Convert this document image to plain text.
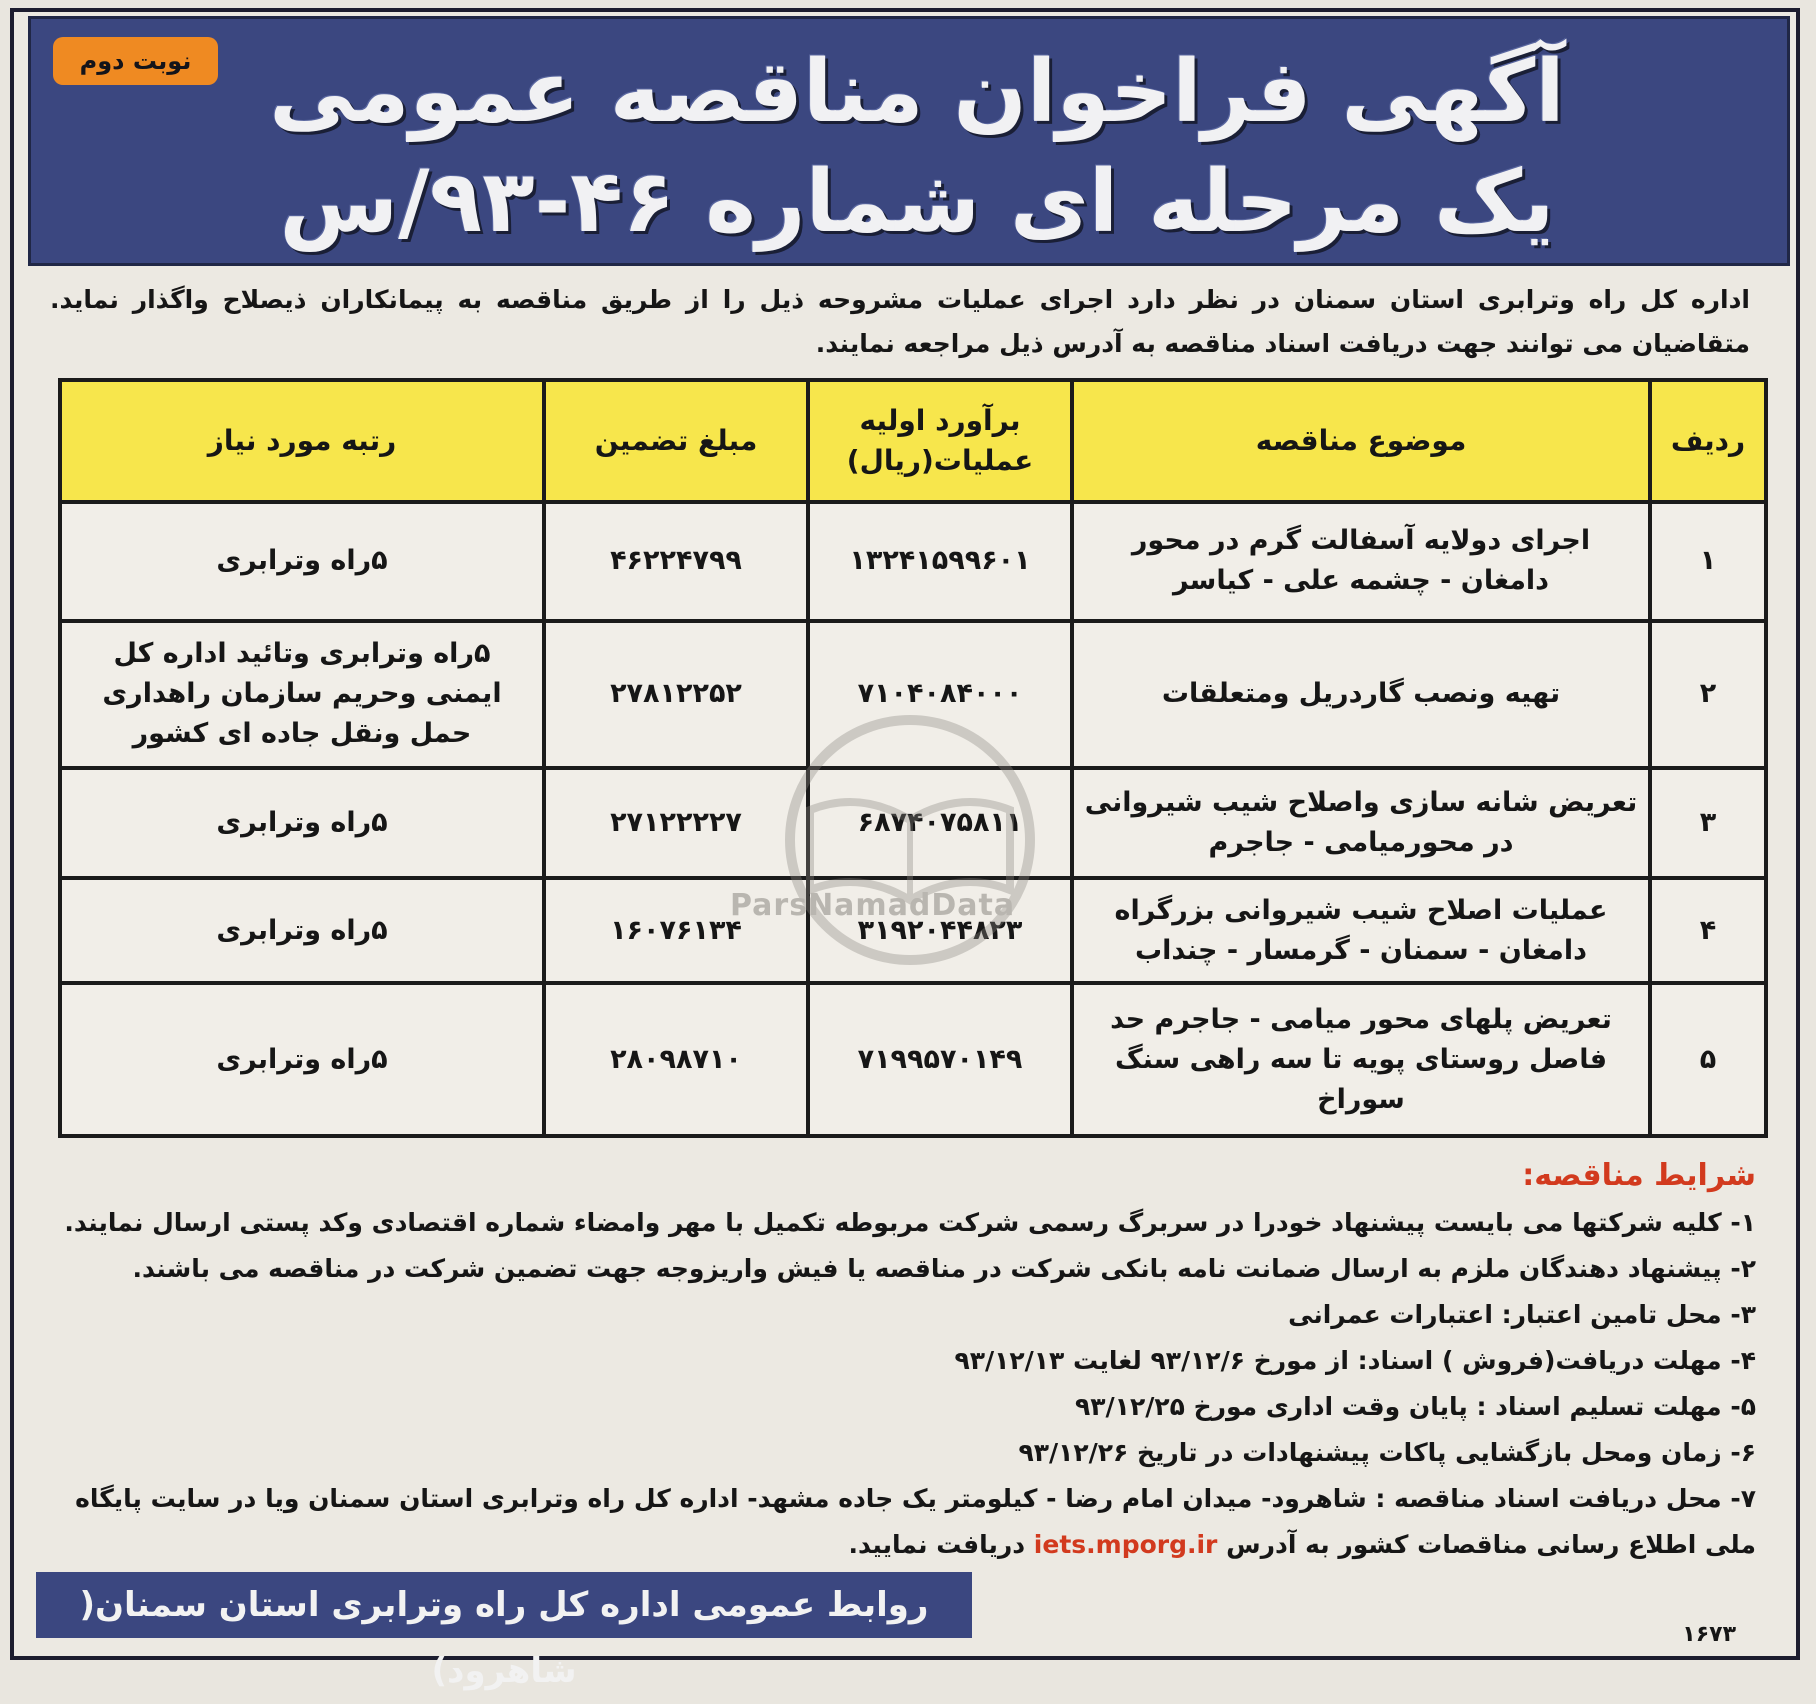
نوبت دوم آگهی فراخوان مناقصه عمومی
یک مرحله ای شماره ۴۶-۹۳/س
اداره کل راه وترابری استان سمنان در نظر دارد اجرای عملیات مشروحه ذیل را از طریق مناقصه به پیمانکاران ذیصلاح واگذار نماید. متقاضیان می توانند جهت دریافت اسناد مناقصه به آدرس ذیل مراجعه نمایند.
ردیف	موضوع مناقصه	برآورد اولیه عملیات(ریال)	مبلغ تضمین	رتبه مورد نیاز
۱	اجرای دولایه آسفالت گرم در محور دامغان - چشمه علی - کیاسر	۱۳۲۴۱۵۹۹۶۰۱	۴۶۲۲۴۷۹۹	۵راه وترابری
۲	تهیه ونصب گاردریل ومتعلقات	۷۱۰۴۰۸۴۰۰۰	۲۷۸۱۲۲۵۲	۵راه وترابری وتائید اداره کل ایمنی وحریم سازمان راهداری حمل ونقل جاده ای کشور
۳	تعریض شانه سازی واصلاح شیب شیروانی در محورمیامی - جاجرم	۶۸۷۴۰۷۵۸۱۱	۲۷۱۲۲۲۲۷	۵راه وترابری
۴	عملیات اصلاح شیب شیروانی بزرگراه دامغان - سمنان - گرمسار - چنداب	۳۱۹۲۰۴۴۸۲۳	۱۶۰۷۶۱۳۴	۵راه وترابری
۵	تعریض پلهای محور میامی - جاجرم حد فاصل روستای پویه تا سه راهی سنگ سوراخ	۷۱۹۹۵۷۰۱۴۹	۲۸۰۹۸۷۱۰	۵راه وترابری
ParsNamadData
شرایط مناقصه:
۱- کلیه شرکتها می بایست پیشنهاد خودرا در سربرگ رسمی شرکت مربوطه تکمیل با مهر وامضاء شماره اقتصادی وکد پستی ارسال نمایند.
۲- پیشنهاد دهندگان ملزم به ارسال ضمانت نامه بانکی شرکت در مناقصه یا فیش واریزوجه جهت تضمین شرکت در مناقصه می باشند.
۳- محل تامین اعتبار: اعتبارات عمرانی
۴- مهلت دریافت(فروش ) اسناد: از مورخ ۹۳/۱۲/۶ لغایت ۹۳/۱۲/۱۳
۵- مهلت تسلیم اسناد : پایان وقت اداری مورخ ۹۳/۱۲/۲۵
۶- زمان ومحل بازگشایی پاکات پیشنهادات در تاریخ ۹۳/۱۲/۲۶
۷- محل دریافت اسناد مناقصه : شاهرود- میدان امام رضا - کیلومتر یک جاده مشهد- اداره کل راه وترابری استان سمنان ویا در سایت پایگاه ملی اطلاع رسانی مناقصات کشور به آدرس iets.mporg.ir دریافت نمایید.
روابط عمومی اداره کل راه وترابری استان سمنان( شاهرود)
۱۶۷۳
